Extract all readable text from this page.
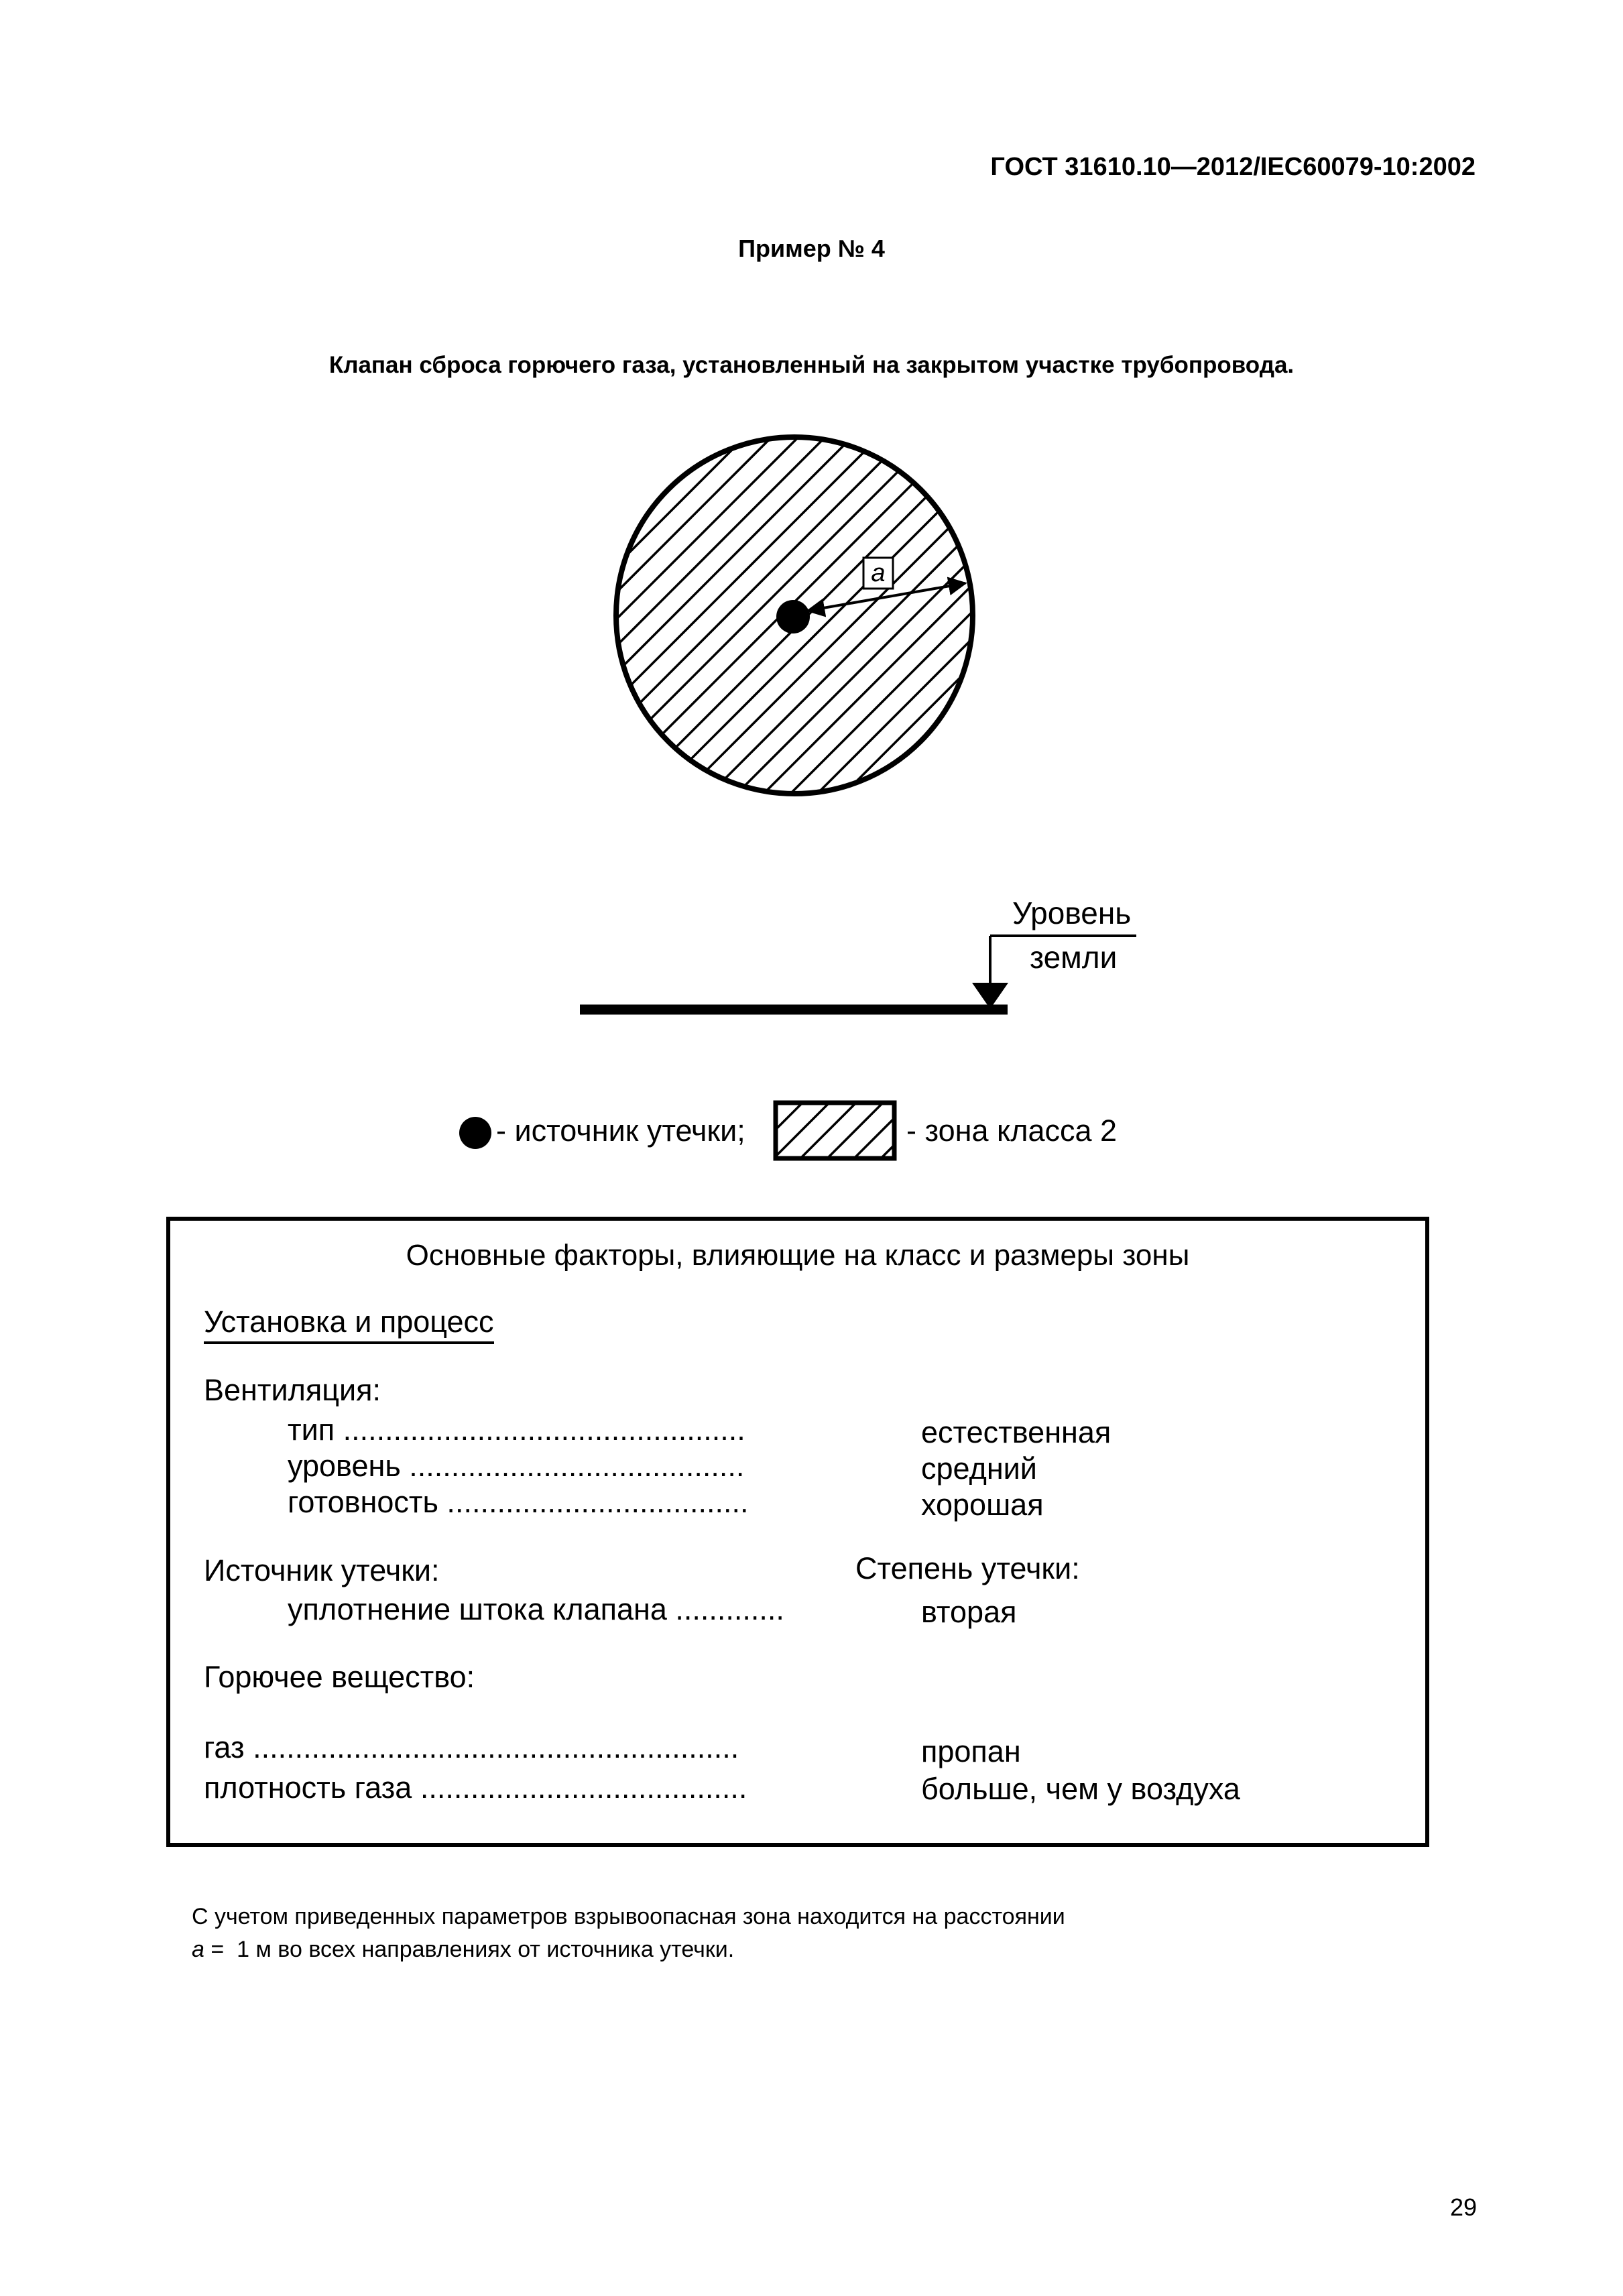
ГОСТ 31610.10—2012/IEC60079-10:2002
Пример № 4
Клапан сброса горючего газа, установленный на закрытом участке трубопровода.
a
Уровень
земли
- источник утечки;	- зона класса 2
Основные факторы, влияющие на класс и размеры зоны
Установка и процесс
Вентиляция:
тип ................................................	естественная
уровень ........................................	средний
готовность ....................................	хорошая
Источник утечки:	Степень утечки:
уплотнение штока клапана .............	вторая
Горючее вещество:
газ ..........................................................	пропан
плотность газа .......................................	больше, чем у воздуха
С учетом приведенных параметров взрывоопасная зона находится на расстоянии
a =  1 м во всех направлениях от источника утечки.
29
